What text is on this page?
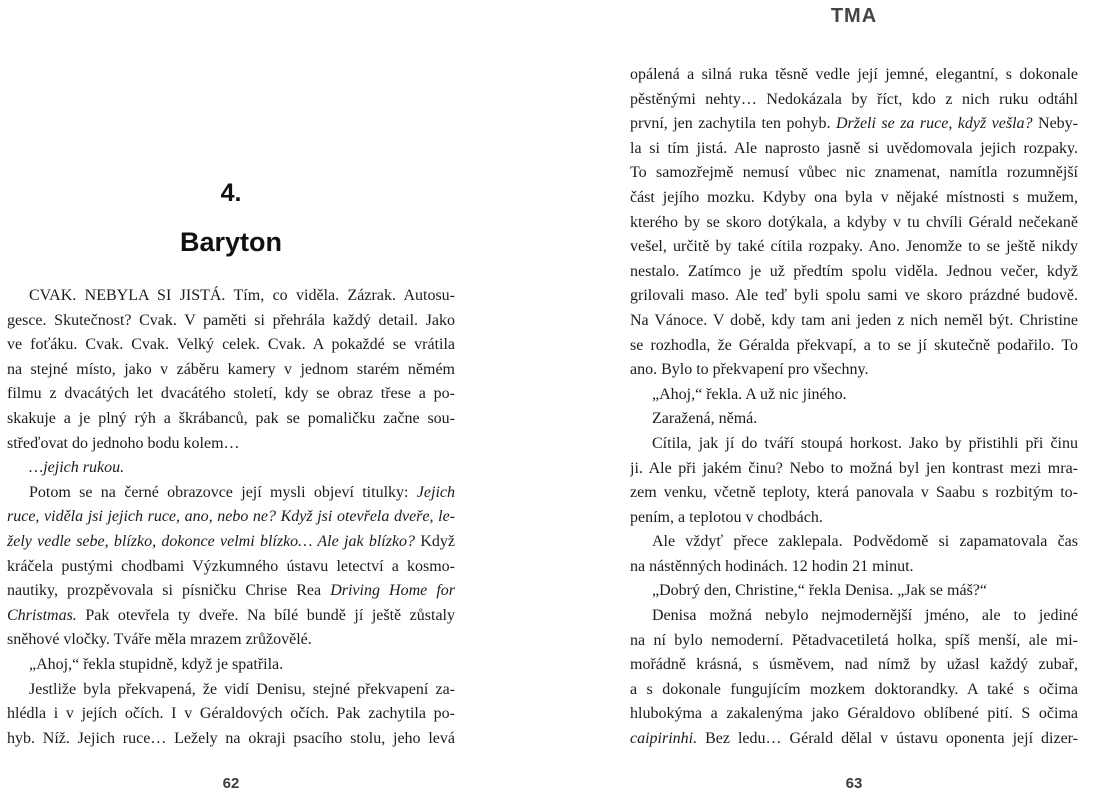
4.
Baryton
CVAK. NEBYLA SI JISTÁ. Tím, co viděla. Zázrak. Autosu-
gesce. Skutečnost? Cvak. V paměti si přehrála každý detail. Jako
ve foťáku. Cvak. Cvak. Velký celek. Cvak. A pokaždé se vrátila
na stejné místo, jako v záběru kamery v jednom starém němém
filmu z dvacátých let dvacátého století, kdy se obraz třese a po-
skakuje a je plný rýh a škrábanců, pak se pomaličku začne sou-
střeďovat do jednoho bodu kolem…
…jejich rukou.
Potom se na černé obrazovce její mysli objeví titulky: Jejich
ruce, viděla jsi jejich ruce, ano, nebo ne? Když jsi otevřela dveře, le-
žely vedle sebe, blízko, dokonce velmi blízko… Ale jak blízko? Když
kráčela pustými chodbami Výzkumného ústavu letectví a kosmo-
nautiky, prozpěvovala si písničku Chrise Rea Driving Home for
Christmas. Pak otevřela ty dveře. Na bílé bundě jí ještě zůstaly
sněhové vločky. Tváře měla mrazem zrůžovělé.
„Ahoj,“ řekla stupidně, když je spatřila.
Jestliže byla překvapená, že vidí Denisu, stejné překvapení za-
hlédla i v jejích očích. I v Géraldových očích. Pak zachytila po-
hyb. Níž. Jejich ruce… Ležely na okraji psacího stolu, jeho levá
62
TMA
opálená a silná ruka těsně vedle její jemné, elegantní, s dokonale
pěstěnými nehty… Nedokázala by říct, kdo z nich ruku odtáhl
první, jen zachytila ten pohyb. Drželi se za ruce, když vešla? Neby-
la si tím jistá. Ale naprosto jasně si uvědomovala jejich rozpaky.
To samozřejmě nemusí vůbec nic znamenat, namítla rozumnější
část jejího mozku. Kdyby ona byla v nějaké místnosti s mužem,
kterého by se skoro dotýkala, a kdyby v tu chvíli Gérald nečekaně
vešel, určitě by také cítila rozpaky. Ano. Jenomže to se ještě nikdy
nestalo. Zatímco je už předtím spolu viděla. Jednou večer, když
grilovali maso. Ale teď byli spolu sami ve skoro prázdné budově.
Na Vánoce. V době, kdy tam ani jeden z nich neměl být. Christine
se rozhodla, že Géralda překvapí, a to se jí skutečně podařilo. To
ano. Bylo to překvapení pro všechny.
„Ahoj,“ řekla. A už nic jiného.
Zaražená, němá.
Cítila, jak jí do tváří stoupá horkost. Jako by přistihli při činu
ji. Ale při jakém činu? Nebo to možná byl jen kontrast mezi mra-
zem venku, včetně teploty, která panovala v Saabu s rozbitým to-
pením, a teplotou v chodbách.
Ale vždyť přece zaklepala. Podvědomě si zapamatovala čas
na nástěnných hodinách. 12 hodin 21 minut.
„Dobrý den, Christine,“ řekla Denisa. „Jak se máš?“
Denisa možná nebylo nejmodernější jméno, ale to jediné
na ní bylo nemoderní. Pětadvacetiletá holka, spíš menší, ale mi-
mořádně krásná, s úsměvem, nad nímž by užasl každý zubař,
a s dokonale fungujícím mozkem doktorandky. A také s očima
hlubokýma a zakalenýma jako Géraldovo oblíbené pití. S očima
caipirinhi. Bez ledu… Gérald dělal v ústavu oponenta její dizer-
63
